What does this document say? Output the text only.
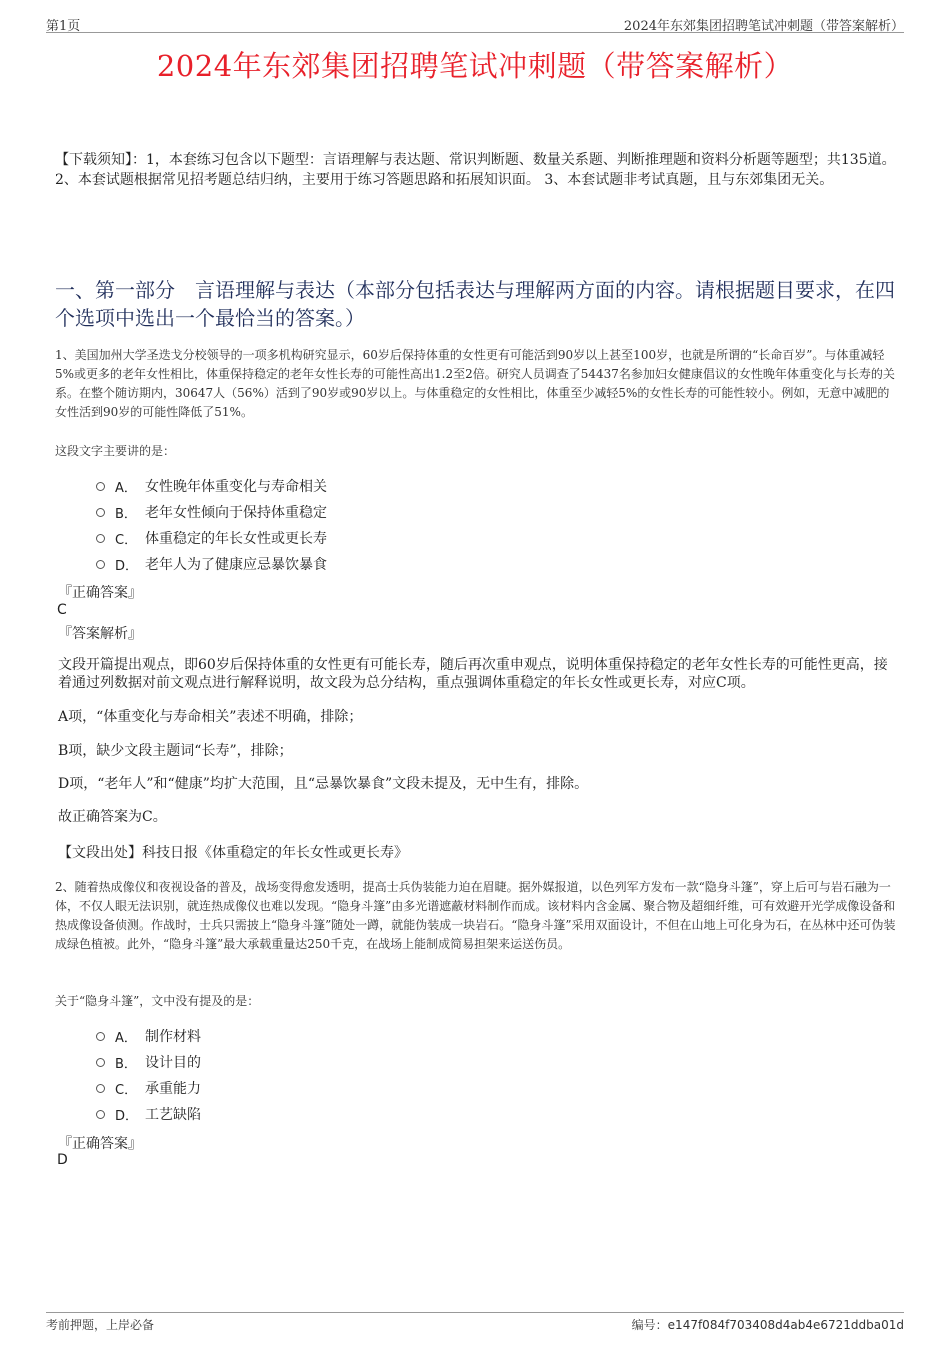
第1页	2024年东郊集团招聘笔试冲刺题（带答案解析）
2024年东郊集团招聘笔试冲刺题（带答案解析）
【下载须知】：1，本套练习包含以下题型：言语理解与表达题、常识判断题、数量关系题、判断推理题和资料分析题等题型；共135道。 2、本套试题根据常见招考题总结归纳，主要用于练习答题思路和拓展知识面。 3、本套试题非考试真题，且与东郊集团无关。
一、第一部分　言语理解与表达（本部分包括表达与理解两方面的内容。请根据题目要求，在四个选项中选出一个最恰当的答案。）
1、美国加州大学圣迭戈分校领导的一项多机构研究显示，60岁后保持体重的女性更有可能活到90岁以上甚至100岁，也就是所谓的“长命百岁”。与体重减轻5%或更多的老年女性相比，体重保持稳定的老年女性长寿的可能性高出1.2至2倍。研究人员调查了54437名参加妇女健康倡议的女性晚年体重变化与长寿的关系。在整个随访期内，30647人（56%）活到了90岁或90岁以上。与体重稳定的女性相比，体重至少减轻5%的女性长寿的可能性较小。例如，无意中减肥的女性活到90岁的可能性降低了51%。
这段文字主要讲的是：
A． 女性晚年体重变化与寿命相关
B． 老年女性倾向于保持体重稳定
C． 体重稳定的年长女性或更长寿
D． 老年人为了健康应忌暴饮暴食
『正确答案』
C
『答案解析』
文段开篇提出观点，即60岁后保持体重的女性更有可能长寿，随后再次重申观点，说明体重保持稳定的老年女性长寿的可能性更高，接着通过列数据对前文观点进行解释说明，故文段为总分结构，重点强调体重稳定的年长女性或更长寿，对应C项。
A项，“体重变化与寿命相关”表述不明确，排除；
B项，缺少文段主题词“长寿”，排除；
D项，“老年人”和“健康”均扩大范围，且“忌暴饮暴食”文段未提及，无中生有，排除。
故正确答案为C。
【文段出处】科技日报《体重稳定的年长女性或更长寿》
2、随着热成像仪和夜视设备的普及，战场变得愈发透明，提高士兵伪装能力迫在眉睫。据外媒报道，以色列军方发布一款“隐身斗篷”，穿上后可与岩石融为一体，不仅人眼无法识别，就连热成像仪也难以发现。“隐身斗篷”由多光谱遮蔽材料制作而成。该材料内含金属、聚合物及超细纤维，可有效避开光学成像设备和热成像设备侦测。作战时，士兵只需披上“隐身斗篷”随处一蹲，就能伪装成一块岩石。“隐身斗篷”采用双面设计，不但在山地上可化身为石，在丛林中还可伪装成绿色植被。此外，“隐身斗篷”最大承载重量达250千克，在战场上能制成简易担架来运送伤员。
关于“隐身斗篷”，文中没有提及的是：
A． 制作材料
B． 设计目的
C． 承重能力
D． 工艺缺陷
『正确答案』
D
考前押题，上岸必备	编号：e147f084f703408d4ab4e6721ddba01d
